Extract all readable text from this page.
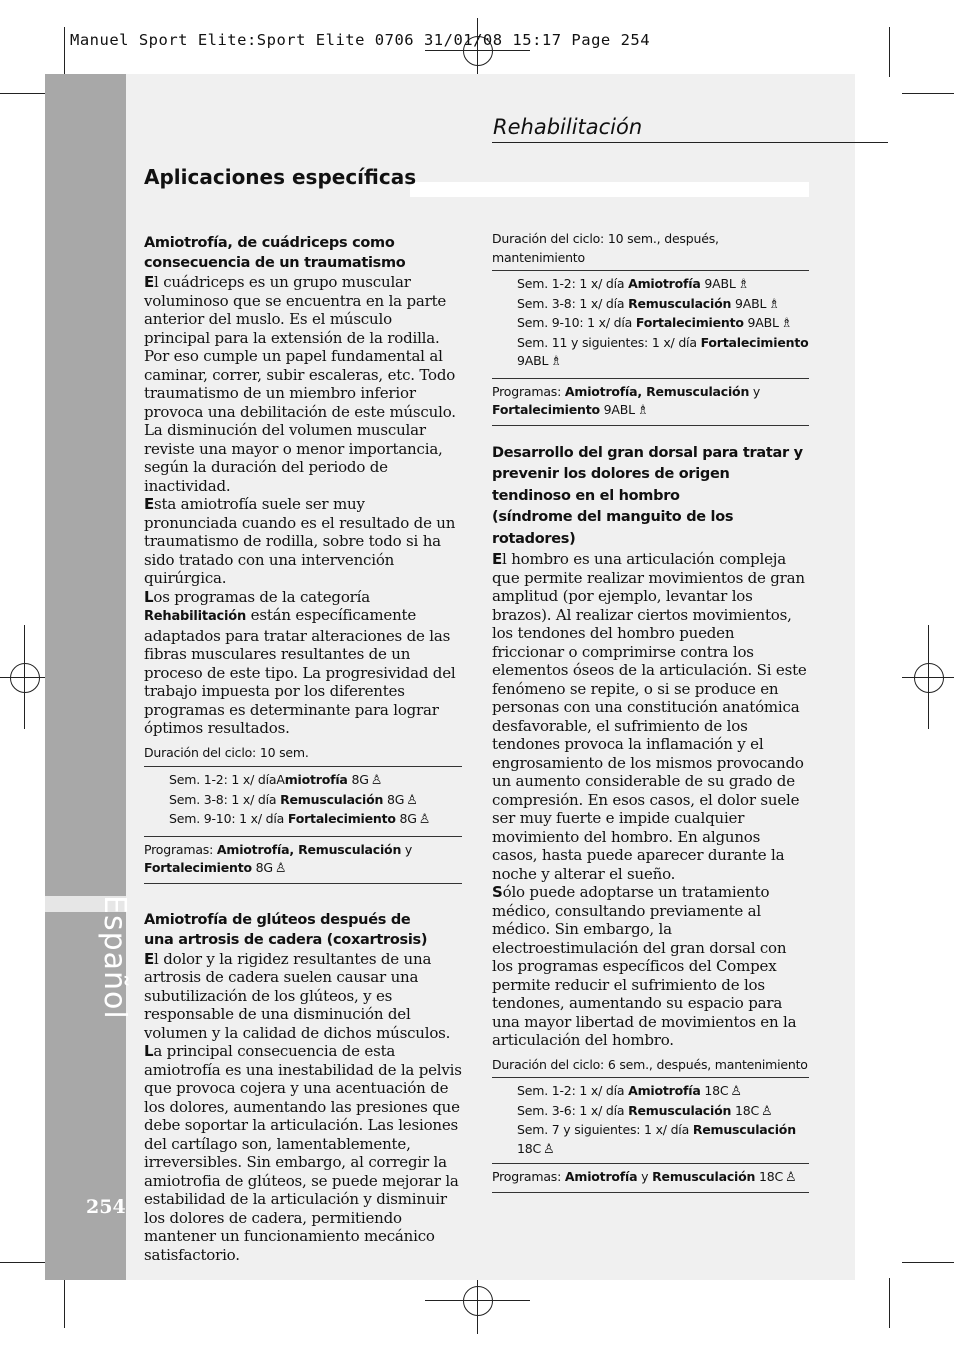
Manuel Sport Elite:Sport Elite 0706 31/01/08 15:17 Page 254
Español
254
Rehabilitación
Aplicaciones específicas
Amiotrofía, de cuádriceps como consecuencia de un traumatismo
El cuádriceps es un grupo muscular voluminoso que se encuentra en la parte anterior del muslo. Es el músculo principal para la extensión de la rodilla. Por eso cumple un papel fundamental al caminar, correr, subir escaleras, etc. Todo traumatismo de un miembro inferior provoca una debilitación de este músculo. La disminución del volumen muscular reviste una mayor o menor importancia, según la duración del periodo de inactividad.
Esta amiotrofía suele ser muy pronunciada cuando es el resultado de un traumatismo de rodilla, sobre todo si ha sido tratado con una intervención quirúrgica.
Los programas de la categoría Rehabilitación están específicamente adaptados para tratar alteraciones de las fibras musculares resultantes de un proceso de este tipo. La progresividad del trabajo impuesta por los diferentes programas es determinante para lograr óptimos resultados.
Duración del ciclo: 10 sem.
Sem. 1-2: 1 x/ díaAmiotrofía 8G ♙
Sem. 3-8: 1 x/ día Remusculación 8G ♙
Sem. 9-10: 1 x/ día Fortalecimiento 8G ♙
Programas: Amiotrofía, Remusculación y Fortalecimiento 8G ♙
Amiotrofía de glúteos después de una artrosis de cadera (coxartrosis)
El dolor y la rigidez resultantes de una artrosis de cadera suelen causar una subutilización de los glúteos, y es responsable de una disminución del volumen y la calidad de dichos músculos.
La principal consecuencia de esta amiotrofía es una inestabilidad de la pelvis que provoca cojera y una acentuación de los dolores, aumentando las presiones que debe soportar la articulación. Las lesiones del cartílago son, lamentablemente, irreversibles. Sin embargo, al corregir la amiotrofia de glúteos, se puede mejorar la estabilidad de la articulación y disminuir los dolores de cadera, permitiendo mantener un funcionamiento mecánico satisfactorio.
Duración del ciclo: 10 sem., después, mantenimiento
Sem. 1-2: 1 x/ día Amiotrofía 9ABL ♗
Sem. 3-8: 1 x/ día Remusculación 9ABL ♗
Sem. 9-10: 1 x/ día Fortalecimiento 9ABL ♗
Sem. 11 y siguientes: 1 x/ día Fortalecimiento 9ABL ♗
Programas: Amiotrofía, Remusculación y Fortalecimiento 9ABL ♗
Desarrollo del gran dorsal para tratar y prevenir los dolores de origen tendinoso en el hombro
(síndrome del manguito de los rotadores)
El hombro es una articulación compleja que permite realizar movimientos de gran amplitud (por ejemplo, levantar los brazos). Al realizar ciertos movimientos, los tendones del hombro pueden friccionar o comprimirse contra los elementos óseos de la articulación. Si este fenómeno se repite, o si se produce en personas con una constitución anatómica desfavorable, el sufrimiento de los tendones provoca la inflamación y el engrosamiento de los mismos provocando un aumento considerable de su grado de compresión. En esos casos, el dolor suele ser muy fuerte e impide cualquier movimiento del hombro. En algunos casos, hasta puede aparecer durante la noche y alterar el sueño.
Sólo puede adoptarse un tratamiento médico, consultando previamente al médico. Sin embargo, la electroestimulación del gran dorsal con los programas específicos del Compex permite reducir el sufrimiento de los tendones, aumentando su espacio para una mayor libertad de movimientos en la articulación del hombro.
Duración del ciclo: 6 sem., después, mantenimiento
Sem. 1-2: 1 x/ día Amiotrofía 18C ♙
Sem. 3-6: 1 x/ día Remusculación 18C ♙
Sem. 7 y siguientes: 1 x/ día Remusculación 18C ♙
Programas: Amiotrofía y Remusculación 18C ♙
